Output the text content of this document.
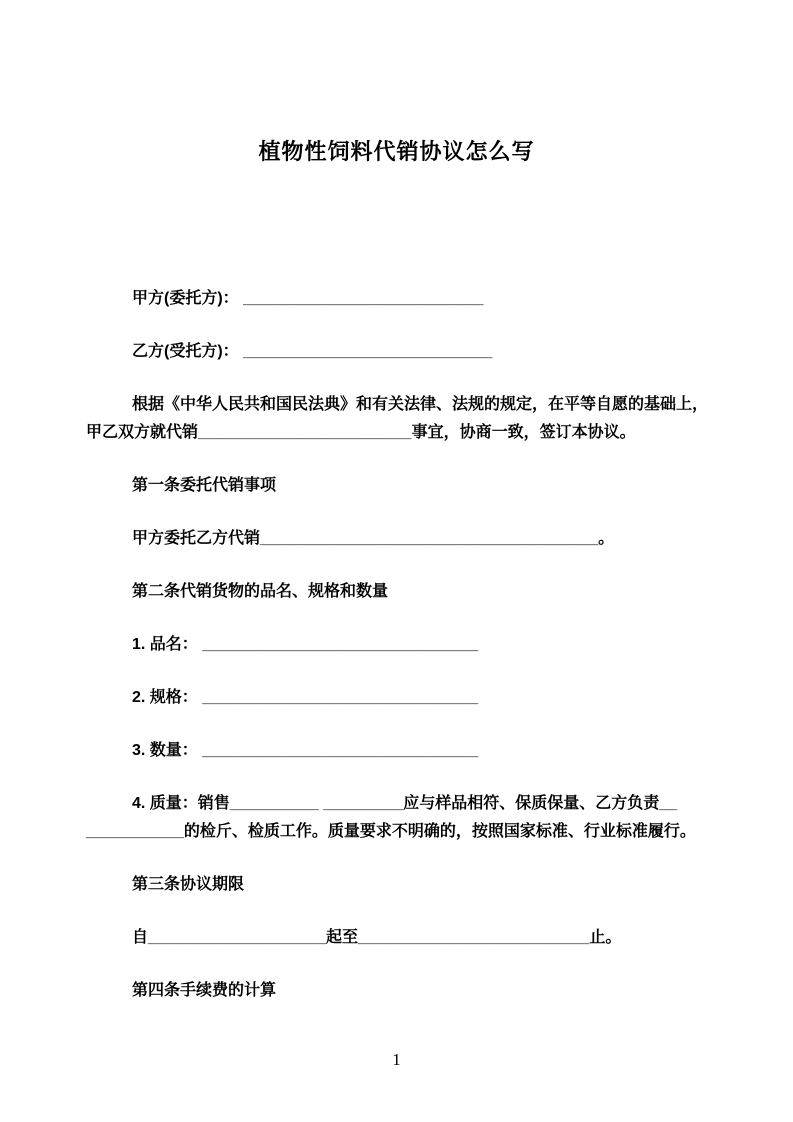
植物性饲料代销协议怎么写
甲方(委托方)： ___________________________
乙方(受托方)： ____________________________
根据《中华人民共和国民法典》和有关法律、法规的规定，在平等自愿的基础上，
甲乙双方就代销________________________事宜，协商一致，签订本协议。
第一条委托代销事项
甲方委托乙方代销______________________________________。
第二条代销货物的品名、规格和数量
1. 品名： _______________________________
2. 规格： _______________________________
3. 数量： _______________________________
4. 质量：销售__________ _________应与样品相符、保质保量、乙方负责__
___________的检斤、检质工作。质量要求不明确的，按照国家标准、行业标准履行。
第三条协议期限
自____________________起至__________________________止。
第四条手续费的计算
1
